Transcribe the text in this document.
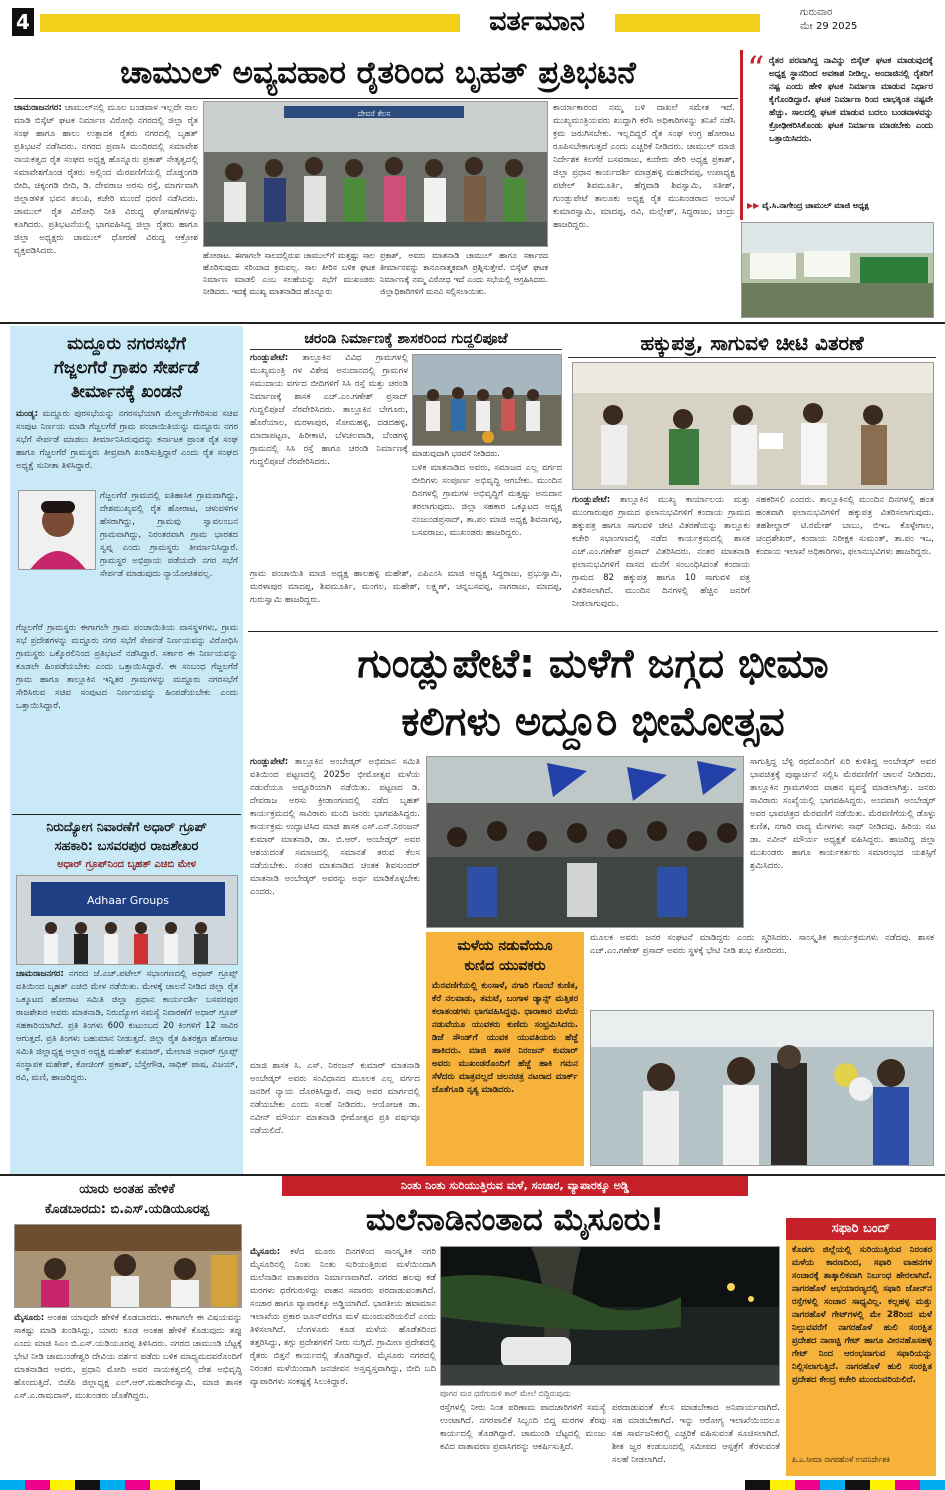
4	ವರ್ತಮಾನ	ಗುರುವಾರ
ಮೇ 29 2025
ಚಾಮುಲ್ ಅವ್ಯವಹಾರ ರೈತರಿಂದ ಬೃಹತ್ ಪ್ರತಿಭಟನೆ
ಚಾಮರಾಜನಗರ: ಚಾಮುಲ್‌ನಲ್ಲಿ ಮೂಲ ಬಂಡವಾಳ ಇಲ್ಲದೇ ನಾಲ ಮಾಡಿ ಬಿಸ್ಕೆಟ್ ಘಟಕ ನಿರ್ಮಾಣ ವಿರೋಧಿ ನಗರದಲ್ಲಿ ಜಿಲ್ಲಾ ರೈತ ಸಂಘ ಹಾಗೂ ಹಾಲು ಉತ್ಪಾದಕ ರೈತರು ನಗರದಲ್ಲಿ ಬೃಹತ್ ಪ್ರತಿಭಟನೆ ನಡೆಸಿದರು. ನಗರದ ಪ್ರವಾಸಿ ಮಂದಿರದಲ್ಲಿ ಸಮಾವೇಶ ನಾಯಕತ್ವದ ರೈತ ಸಂಘದ ಅಧ್ಯಕ್ಷ ಹೊನ್ನೂರು ಪ್ರಕಾಶ್ ನೇತೃತ್ವದಲ್ಲಿ ಸಮಾವೇಶಗೊಂಡ ರೈತರು ಅಲ್ಲಿಂದ ಮೆರವಣಿಗೆಯಲ್ಲಿ ದೊಡ್ಡಂಗಡಿ ಬೀದಿ, ಚಿಕ್ಕಂಗಡಿ ಬೀದಿ, ಡಿ. ದೇವರಾಜ ಅರಸು ರಸ್ತೆ, ಮಾರ್ಗವಾಗಿ ಜಿಲ್ಲಾಡಳಿತ ಭವನ ತಲುಪಿ, ಕಚೇರಿ ಮುಂದೆ ಧರಣಿ ನಡೆಸಿದರು. ಚಾಮುಲ್ ರೈತ ವಿರೋಧಿ ನೀತಿ ವಿರುದ್ಧ ಘೋಷಣೆಗಳನ್ನು ಕೂಗಿದರು. ಪ್ರತಿಭಟನೆಯಲ್ಲಿ ಭಾಗವಹಿಸಿದ್ದ ಜಿಲ್ಲಾ ರೈತರು ಹಾಗೂ ಜಿಲ್ಲಾ ಅಧ್ಯಕ್ಷರು ಚಾಮುಲ್ ಧೋರಣೆ ವಿರುದ್ಧ ಆಕ್ರೋಶ ವ್ಯಕ್ತಪಡಿಸಿದರು.
ದೇವರೆ ಕೆಲಸ
ಹೋರಾಟ. ಈಗಾಗಲೇ ಸಾಲದಲ್ಲಿರುವ ಚಾಮುಲ್‌ಗೆ ಮತ್ತಷ್ಟು ಸಾಲ ಹೊರಿಸುವುದು ಸರಿಯಾದ ಕ್ರಮವಲ್ಲ. ಸಾಲ ತೀರಿಸ ಬಳಿಕ ಘಟಕ ನಿರ್ಮಾಣ ಮಾಡಲಿ ಎಂಬ ಸಲಹೆಯನ್ನು ಸಭೆಗೆ ಮುಖಂಡರು ನೀಡಿದರು. ಇದಕ್ಕೆ ಮುಖ್ಯ ಮಾತನಾಡಿದ ಹೊನ್ನೂರು
ಪ್ರಕಾಶ್, ಅವರು ಮಾತನಾಡಿ ಚಾಮುಲ್ ಹಾಗೂ ಸರ್ಕಾರದ ತೀರ್ಮಾನವನ್ನು ಕಾನೂನಾತ್ಮಕವಾಗಿ ಪ್ರಶ್ನಿಸುತ್ತೇವೆ. ಬಿಸ್ಕೆಟ್ ಘಟಕ ನಿರ್ಮಾಣಕ್ಕೆ ನಮ್ಮ ವಿರೋಧ ಇದೆ ಎಂದು ಸಭೆಯಲ್ಲಿ ಆಗ್ರಹಿಸಿದರು. ಜಿಲ್ಲಾಧಿಕಾರಿಗಳಿಗೆ ಮನವಿ ಸಲ್ಲಿಸಲಾಯಿತು.
ಕಾರ್ಯಾಕಾರಂದ ನಮ್ಮ ಬಳಿ ದಾಖಲೆ ಸಮೇತ ಇದೆ. ಮುಖ್ಯಮಂತ್ರಿಯವರು ಖುದ್ದಾಗಿ ಕರೆಸಿ ಅಧಿಕಾರಿಗಳನ್ನು ತನಿಖೆ ನಡೆಸಿ ಕ್ರಮ ಜರುಗಿಸಬೇಕು. ಇಲ್ಲದಿದ್ದರೆ ರೈತ ಸಂಘ ಉಗ್ರ ಹೋರಾಟ ರೂಪಿಸಬೇಕಾಗುತ್ತದೆ ಎಂದು ಎಚ್ಚರಿಕೆ ನೀಡಿದರು. ಚಾಮುಲ್ ಮಾಜಿ ನಿರ್ದೇಶಕ ಕಿಲಗೆರೆ ಬಸವರಾಜು, ಕುದೇರು ಡೇರಿ ಅಧ್ಯಕ್ಷ ಪ್ರಕಾಶ್, ಜಿಲ್ಲಾ ಪ್ರಧಾನ ಕಾರ್ಯದರ್ಶಿ ಮಾಡ್ರಹಳ್ಳಿ ಮಹದೇವಪ್ಪ, ಉಪಾಧ್ಯಕ್ಷ ಪಟೇಲ್ ಶಿವಮೂರ್ತಿ, ಹೆಗ್ಗವಾಡಿ ಶಿವಸ್ವಾಮಿ, ಸತೀಶ್, ಗುಂಡ್ಲುಪೇಟೆ ತಾಲೂಕು ಅಧ್ಯಕ್ಷ ರೈತ ಮುಖಂಡರಾದ ಅಂಬಳೆ ಕುಮಾರಸ್ವಾಮಿ, ಮಾದಪ್ಪ, ರವಿ, ಮಲ್ಲೇಶ್, ಸಿದ್ದರಾಜು, ಚಂದ್ರು ಹಾಜರಿದ್ದರು.
“ ರೈತರ ಪರವಾಗಿದ್ದ ನಾವಿನ್ನು ಬಿಸ್ಕೆಟ್ ಘಟಕ ಮಾಡುವುದಕ್ಕೆ ಅಧ್ಯಕ್ಷ ಸ್ಥಾನದಿಂದ ಅವಕಾಶ ನೀಡಿಲ್ಲ. ಅಂದಾಜಿನಲ್ಲಿ ರೈತರಿಗೆ ನಷ್ಟ ಎಂದು ಹೇಳಿ ಘಟಕ ನಿರ್ಮಾಣ ಮಾಡುವ ನಿರ್ಧಾರ ಕೈಗೊಂಡಿದ್ದಾರೆ. ಘಟಕ ನಿರ್ಮಾಣ ರಿಂದ ಲಾಭಕ್ಕಿಂತ ನಷ್ಟವೇ ಹೆಚ್ಚು. ಸಾಲದಲ್ಲಿ ಘಟಕ ಮಾಡುವ ಬದಲು ಬಂಡವಾಳವನ್ನು ಕ್ರೋಢೀಕರಿಸಿಕೊಂಡು ಘಟಕ ನಿರ್ಮಾಣ ಮಾಡಬೇಕು ಎಂದು ಒತ್ತಾಯಿಸಿದರು.
▶▶ ವೈ.ಸಿ.ನಾಗೇಂದ್ರ ಚಾಮುಲ್ ಮಾಜಿ ಅಧ್ಯಕ್ಷ
ಮದ್ದೂರು ನಗರಸಭೆಗೆ
ಗೆಜ್ಜಲಗೆರೆ ಗ್ರಾಪಂ ಸೇರ್ಪಡೆ
ತೀರ್ಮಾನಕ್ಕೆ ಖಂಡನೆ
ಮಂಡ್ಯ: ಮದ್ದೂರು ಪುರಸಭೆಯನ್ನು ನಗರಸಭೆಯಾಗಿ ಮೇಲ್ದರ್ಜೆಗೇರಿಸುವ ಸಚಿವ ಸಂಪುಟ ನಿರ್ಣಯ ಮಾಡಿ ಗೆಜ್ಜಲಗೆರೆ ಗ್ರಾಮ ಪಂಚಾಯಿತಿಯನ್ನು ಮದ್ದೂರು ನಗರ ಸಭೆಗೆ ಸೇರ್ಪಡೆ ಮಾಡಲು ತೀರ್ಮಾನಿಸಿರುವುದನ್ನು ಕರ್ನಾಟಕ ಪ್ರಾಂತ ರೈತ ಸಂಘ ಹಾಗೂ ಗೆಜ್ಜಲಗೆರೆ ಗ್ರಾಮಸ್ಥರು ತೀವ್ರವಾಗಿ ಖಂಡಿಸುತ್ತಿದ್ದಾರೆ ಎಂದು ರೈತ ಸಂಘದ ಅಧ್ಯಕ್ಷೆ ಸುನೀತಾ ತಿಳಿಸಿದ್ದಾರೆ.
ಗೆಜ್ಜಲಗೆರೆ ಗ್ರಾಮದಲ್ಲಿ ಐತಿಹಾಸಿಕ ಗ್ರಾಮವಾಗಿದ್ದು, ದೇಶಮುಖ್ಯವಲ್ಲಿ ರೈತ ಹೋರಾಟ, ಚಳುವಳಿಗಳ ಹೆಸರಾಗಿದ್ದು, ಗ್ರಾಮವು ಸ್ವಾವಲಂಬನ ಗ್ರಾಮವಾಗಿದ್ದು, ನಿರಂತರವಾಗಿ ಗ್ರಾಮ ಭಾರತದ ಸ್ವಪ್ನ ಎಂದು ಗ್ರಾಮಸ್ಥರು ತೀರ್ಮಾನಿಸಿದ್ದಾರೆ. ಗ್ರಾಮಸ್ಥರ ಅಭಿಪ್ರಾಯ ಪಡೆಯದೇ ನಗರ ಸಭೆಗೆ ಸೇರ್ಪಡೆ ಮಾಡುವುದು ನ್ಯಾಯೋಚಿತವಲ್ಲ.
ಗೆಜ್ಜಲಗೆರೆ ಗ್ರಾಮಸ್ಥರು ಈಗಾಗಲೇ ಗ್ರಾಮ ಪಂಚಾಯಿತಿಯ ವಾಸಸ್ಥಳಗಳು, ಗ್ರಾಮ ಸಭೆ ಪ್ರದೇಶಗಳನ್ನು ಮದ್ದೂರು ನಗರ ಸಭೆಗೆ ಸೇರ್ಪಡೆ ನಿರ್ಣಯವನ್ನು ವಿರೋಧಿಸಿ ಗ್ರಾಮಸ್ಥರು ಒಕ್ಕೊರಲಿನಿಂದ ಪ್ರತಿಭಟನೆ ನಡೆಸಿದ್ದಾರೆ. ಸರ್ಕಾರ ಈ ನಿರ್ಣಯವನ್ನು ಕೂಡಲೇ ಹಿಂಪಡೆಯಬೇಕು ಎಂದು ಒತ್ತಾಯಿಸಿದ್ದಾರೆ. ಈ ಸಂಬಂಧ ಗೆಜ್ಜಲಗೆರೆ ಗ್ರಾಮ ಹಾಗೂ ತಾಲ್ಲೂಕಿನ ಇನ್ನಿತರ ಗ್ರಾಮಗಳನ್ನು ಮದ್ದೂರು ನಗರಸಭೆಗೆ ಸೇರಿಸಿರುವ ಸಚಿವ ಸಂಪುಟದ ನಿರ್ಣಯವನ್ನು ಹಿಂಪಡೆಯಬೇಕು ಎಂದು ಒತ್ತಾಯಿಸಿದ್ದಾರೆ.
ನಿರುದ್ಯೋಗ ನಿವಾರಣೆಗೆ ಅಧಾರ್ ಗ್ರೂಪ್
ಸಹಕಾರಿ: ಬಸವರಪುರ ರಾಜಶೇಖರ
ಅಧಾರ್ ಗ್ರೂಪ್‌ನಿಂದ ಬೃಹತ್ ಎಚಿಬಿ ಮೇಳ
Adhaar Groups
ಚಾಮರಾಜನಗರ: ನಗರದ ಜೆ.ಎಚ್.ಪಟೇಲ್ ಸಭಾಂಗಣದಲ್ಲಿ ಅಧಾರ್ ಗ್ರೂಪ್ಸ್ ವತಿಯಿಂದ ಬೃಹತ್ ಎಚಿಬಿ ಮೇಳ ನಡೆಯಿತು. ಮೇಳಕ್ಕೆ ಚಾಲನೆ ನೀಡಿದ ಜಿಲ್ಲಾ ರೈತ ಒಕ್ಕೂಟದ ಹೋರಾಟ ಸಮಿತಿ ಜಿಲ್ಲಾ ಪ್ರಧಾನ ಕಾರ್ಯದರ್ಶಿ ಬಸವರಪುರ ರಾಜಶೇಖರ ಅವರು ಮಾತನಾಡಿ, ನಿರುದ್ಯೋಗ ಸಮಸ್ಯೆ ನಿವಾರಣೆಗೆ ಅಧಾರ್ ಗ್ರೂಪ್ ಸಹಕಾರಿಯಾಗಿದೆ. ಪ್ರತಿ ತಿಂಗಳು 600 ಕುಟುಂಬದ 20 ಕಿಂಗಳಿಗೆ 12 ಸಾವಿರ ಆಗುತ್ತದೆ. ಪ್ರತಿ ತಿಂಗಳು ಬಹುಮಾನ ನೀಡುತ್ತದೆ. ಜಿಲ್ಲಾ ರೈತ ಹಿತರಕ್ಷಣ ಹೋರಾಟ ಸಮಿತಿ ಜಿಲ್ಲಾಧ್ಯಕ್ಷ ಅಲ್ಲಾರ ಅಧ್ಯಕ್ಷ ಮಹೇಶ್ ಕುಮಾರ್, ಮೇಲಾಜಿ ಅಧಾರ್ ಗ್ರೂಪ್ಸ್ ಸಂಸ್ಥಾಪಕ ಮಹೇಶ್, ಕೋಚಿಂಗ್ ಪ್ರಕಾಶ್, ಬೆಸ್ತೇಗೌಡ, ಸಾಧಿಕ್ ಪಾಷ, ವಿಜಯ್, ರವಿ, ಮಣಿ, ಹಾಜರಿದ್ದರು.
ಚರಂಡಿ ನಿರ್ಮಾಣಕ್ಕೆ ಶಾಸಕರಿಂದ ಗುದ್ದಲಿಪೂಜೆ
ಗುಂಡ್ಲುಪೇಟೆ: ತಾಲ್ಲೂಕಿನ ವಿವಿಧ ಗ್ರಾಮಗಳಲ್ಲಿ ಮುಖ್ಯಮಂತ್ರಿ ಗಳ ವಿಶೇಷ ಅನುದಾನದಲ್ಲಿ ಗ್ರಾಮಗಳ ಸಮುದಾಯ ವರ್ಗದ ಬೀದಿಗಳಿಗೆ ಸಿಸಿ ರಸ್ತೆ ಮತ್ತು ಚರಂಡಿ ನಿರ್ಮಾಣಕ್ಕೆ ಶಾಸಕ ಎಚ್.ಎಂ.ಗಣೇಶ್ ಪ್ರಸಾದ್ ಗುದ್ದಲಿಪೂಜೆ ನೆರವೇರಿಸಿದರು. ತಾಲ್ಲೂಕಿನ ಬೇಗೂರು, ಹೊರೆಯಾಲ, ಮರಳಾಪುರ, ಸೋಮಹಳ್ಳಿ, ದಡದಹಳ್ಳಿ, ಮಾದಾಪಟ್ಟಣ, ಹಿರೀಕಾಟಿ, ಬೆಳಚಲವಾಡಿ, ಬೆಂಡಗಳ್ಳಿ ಗ್ರಾಮದಲ್ಲಿ ಸಿಸಿ ರಸ್ತೆ ಹಾಗೂ ಚರಂಡಿ ನಿರ್ಮಾಣಕ್ಕೆ ಗುದ್ದಲಿಪೂಜೆ ನೆರವೇರಿಸಿದರು.
ಮಾಡುವುದಾಗಿ ಭರವಸೆ ನೀಡಿದರು.
ಬಳಿಕ ಮಾತನಾಡಿದ ಅವರು, ಸಮಾಜದ ಎಲ್ಲ ವರ್ಗದ ಬೀದಿಗಳು ಸಂಪೂರ್ಣ ಅಭಿವೃದ್ಧಿ ಆಗಬೇಕು. ಮುಂದಿನ ದಿನಗಳಲ್ಲಿ ಗ್ರಾಮಗಳ ಅಭಿವೃದ್ಧಿಗೆ ಮತ್ತಷ್ಟು ಅನುದಾನ ತರಲಾಗುವುದು. ಜಿಲ್ಲಾ ಸಹಕಾರ ಒಕ್ಕೂಟದ ಅಧ್ಯಕ್ಷ ನಂಜುಂಡಪ್ರಸಾದ್, ತಾ.ಪಂ ಮಾಜಿ ಅಧ್ಯಕ್ಷ ಶಿವನಾಗಪ್ಪ, ಬಸವರಾಜು, ಮುಖಂಡರು ಹಾಜರಿದ್ದರು.
ಗ್ರಾಮ ಪಂಚಾಯಿತಿ ಮಾಜಿ ಅಧ್ಯಕ್ಷ ಹಾಲಹಳ್ಳಿ ಮಹೇಶ್, ಎಪಿಎಂಸಿ ಮಾಜಿ ಅಧ್ಯಕ್ಷ ಸಿದ್ದರಾಜು, ಪ್ರಭುಸ್ವಾಮಿ, ಮರಳಾಪುರ ಮಾದಪ್ಪ, ಶಿವಮೂರ್ತಿ, ಮಂಗಲ, ಮಹೇಶ್, ಲಕ್ಷ್ಮಣ್, ಚನ್ನಬಸವಪ್ಪ, ನಾಗರಾಜು, ಮಾದಪ್ಪ, ಗುರುಸ್ವಾಮಿ ಹಾಜರಿದ್ದರು.
ಹಕ್ಕುಪತ್ರ, ಸಾಗುವಳಿ ಚೀಟಿ ವಿತರಣೆ
ಗುಂಡ್ಲುಪೇಟೆ: ತಾಲ್ಲೂಕಿನ ಮುಖ್ಯ ಕಾರ್ಯಾಲಯ ಮತ್ತು ಮುಂಗಾರುಪುರ ಗ್ರಾಮದ ಫಲಾನುಭವಿಗಳಿಗೆ ಕಂದಾಯ ಗ್ರಾಮದ ಹಕ್ಕುಪತ್ರ ಹಾಗೂ ಸಾಗುವಳಿ ಚೀಟಿ ವಿತರಣೆಯನ್ನು ತಾಲ್ಲೂಕು ಕಚೇರಿ ಸಭಾಂಗಣದಲ್ಲಿ ನಡೆದ ಕಾರ್ಯಕ್ರಮದಲ್ಲಿ ಶಾಸಕ ಎಚ್.ಎಂ.ಗಣೇಶ್ ಪ್ರಸಾದ್ ವಿತರಿಸಿದರು. ನಂತರ ಮಾತನಾಡಿ ಫಲಾನುಭವಿಗಳಿಗೆ ವಾಸದ ಮನೆಗೆ ಸಂಬಂಧಿಸಿದಂತೆ ಕಂದಾಯ ಗ್ರಾಮದ 82 ಹಕ್ಕುಪತ್ರ ಹಾಗೂ 10 ಸಾಗುವಳಿ ಪತ್ರ ವಿತರಿಸಲಾಗಿದೆ. ಮುಂದಿನ ದಿನಗಳಲ್ಲಿ ಹೆಚ್ಚಿನ ಜನರಿಗೆ ನೀಡಲಾಗುವುದು.
ಸಹಕರಿಸಲಿ ಎಂದರು. ತಾಲ್ಲೂಕಿನಲ್ಲಿ ಮುಂದಿನ ದಿನಗಳಲ್ಲಿ ಹಂತ ಹಂತವಾಗಿ ಫಲಾನುಭವಿಗಳಿಗೆ ಹಕ್ಕುಪತ್ರ ವಿತರಿಸಲಾಗುವುದು. ತಹಶೀಲ್ದಾರ್ ಟಿ.ರಮೇಶ್ ಬಾಬು, ಬಿಇಒ ಕೊಳ್ಳೇಗಾಲ, ಚಂದ್ರಶೇಖರ್, ಕಂದಾಯ ನಿರೀಕ್ಷಕ ಸುಮಂತ್, ತಾ.ಪಂ ಇಒ, ಕಂದಾಯ ಇಲಾಖೆ ಅಧಿಕಾರಿಗಳು, ಫಲಾನುಭವಿಗಳು ಹಾಜರಿದ್ದರು.
ಗುಂಡ್ಲುಪೇಟೆ: ಮಳೆಗೆ ಜಗ್ಗದ ಭೀಮಾ
ಕಲಿಗಳು ಅದ್ದೂರಿ ಭೀಮೋತ್ಸವ
ಗುಂಡ್ಲುಪೇಟೆ: ತಾಲ್ಲೂಕಿನ ಅಂಬೇಡ್ಕರ್ ಅಭಿಮಾನ ಸಮಿತಿ ವತಿಯಿಂದ ಪಟ್ಟಣದಲ್ಲಿ 2025ರ ಭೀಮೋತ್ಸವ ಮಳೆಯ ನಡುವೆಯೂ ಅದ್ದೂರಿಯಾಗಿ ನಡೆಯಿತು. ಪಟ್ಟಣದ ಡಿ. ದೇವರಾಜ ಅರಸು ಕ್ರೀಡಾಂಗಣದಲ್ಲಿ ನಡೆದ ಬೃಹತ್ ಕಾರ್ಯಕ್ರಮದಲ್ಲಿ ಸಾವಿರಾರು ಮಂದಿ ಜನರು ಭಾಗವಹಿಸಿದ್ದರು. ಕಾರ್ಯಕ್ರಮ ಉದ್ಘಾಟಿಸಿದ ಮಾಜಿ ಶಾಸಕ ಎಸ್.ಎನ್.ನಿರಂಜನ್ ಕುಮಾರ್ ಮಾತನಾಡಿ, ಡಾ. ಬಿ.ಆರ್. ಅಂಬೇಡ್ಕರ್ ಅವರ ಆಶಯದಂತೆ ಸಮಾಜದಲ್ಲಿ ಸಮಾನತೆ ತರುವ ಕೆಲಸ ನಡೆಯಬೇಕು. ನಂತರ ಮಾತನಾಡಿದ ಚಿಂತಕ ಶಿವಸುಂದರ್ ಮಾತನಾಡಿ ಅಂಬೇಡ್ಕರ್ ಅವರನ್ನು ಅರ್ಥ ಮಾಡಿಕೊಳ್ಳಬೇಕು ಎಂದರು.
ಮಾಜಿ ಶಾಸಕ ಸಿ. ಎಸ್. ನಿರಂಜನ್ ಕುಮಾರ್ ಮಾತನಾಡಿ ಅಂಬೇಡ್ಕರ್ ಅವರು ಸಂವಿಧಾನದ ಮೂಲಕ ಎಲ್ಲ ವರ್ಗದ ಜನರಿಗೆ ನ್ಯಾಯ ದೊರಕಿಸಿದ್ದಾರೆ. ನಾವು ಅವರ ಮಾರ್ಗದಲ್ಲಿ ನಡೆಯಬೇಕು ಎಂದು ಸಲಹೆ ನೀಡಿದರು. ಆಯೋಜಕ ಡಾ. ನವೀನ್ ಮೌರ್ಯ ಮಾತನಾಡಿ ಭೀಮೋತ್ಸವ ಪ್ರತಿ ವರ್ಷವೂ ನಡೆಯಲಿದೆ.
ಸಾಗುತ್ತಿದ್ದ ಬೆಳ್ಳಿ ರಥದೊಂದಿಗೆ ಏರಿ ಕುಳಿತಿದ್ದ ಅಂಬೇಡ್ಕರ್ ಅವರ ಭಾವಚಿತ್ರಕ್ಕೆ ಪುಷ್ಪಾರ್ಚನೆ ಸಲ್ಲಿಸಿ ಮೆರವಣಿಗೆಗೆ ಚಾಲನೆ ನೀಡಿದರು. ತಾಲ್ಲೂಕಿನ ಗ್ರಾಮಗಳಿಂದ ವಾಹನ ವ್ಯವಸ್ಥೆ ಮಾಡಲಾಗಿತ್ತು. ಜನರು ಸಾವಿರಾರು ಸಂಖ್ಯೆಯಲ್ಲಿ ಭಾಗವಹಿಸಿದ್ದರು. ಅಂದವಾಗಿ ಅಂಬೇಡ್ಕರ್ ಅವರ ಭಾವಚಿತ್ರದ ಮೆರವಣಿಗೆ ನಡೆಯಿತು. ಮೆರವಣಿಗೆಯಲ್ಲಿ ಡೊಳ್ಳು ಕುಣಿತ, ನಗಾರಿ ವಾದ್ಯ ಮೇಳಗಳು ಸಾಥ್ ನೀಡಿದವು. ಹಿರಿಯ ನಟ ಡಾ. ನವೀನ್ ಮೌರ್ಯ ಅಧ್ಯಕ್ಷತೆ ವಹಿಸಿದ್ದರು. ಹಾಜರಿದ್ದ ಜಿಲ್ಲಾ ಮುಖಂಡರು ಹಾಗೂ ಕಾರ್ಯಕರ್ತರು ಸಮಾರಂಭದ ಯಶಸ್ಸಿಗೆ ಶ್ರಮಿಸಿದರು.
ಮಳೆಯ ನಡುವೆಯೂ
ಕುಣಿದ ಯುವಕರು
ಮೆರವಣಿಗೆಯಲ್ಲಿ ಕುಂಸಾಳೆ, ನಗಾರಿ ಗೊಂಬೆ ಕುಣಿತ, ಕೆರೆ ನಲವಾಡು, ತಮಟೆ, ಬಂಗಾಳ ಡ್ಯಾನ್ಸ್ ಮತ್ತಿತರ ಕಲಾತಂಡಗಳು ಭಾಗವಹಿಸಿದ್ದವು. ಧಾರಾಕಾರ ಮಳೆಯ ನಡುವೆಯೂ ಯುವಕರು ಕುಣಿದು ಸಂಭ್ರಮಿಸಿದರು. ಡಿಜೆ ಸೌಂಡ್‌ಗೆ ಯುವಕ ಯುವತಿಯರು ಹೆಜ್ಜೆ ಹಾಕಿದರು. ಮಾಜಿ ಶಾಸಕ ನಿರಂಜನ್ ಕುಮಾರ್ ಅವರು ಮುಖಂಡರೊಂದಿಗೆ ಹೆಜ್ಜೆ ಹಾಕಿ ಗಮನ ಸೆಳೆದರು ಮಾತ್ರವಲ್ಲದೆ ಚಲನಚಿತ್ರ ನಟರಾದ ಮಾರ್ಕ್ ಜೊತೆಗೂಡಿ ನೃತ್ಯ ಮಾಡಿದರು.
ಮೂಲಕ ಅವರು ಜನರ ಸಂಘಟನೆ ಮಾಡಿದ್ದರು ಎಂದು ಸ್ಮರಿಸಿದರು. ಸಾಂಸ್ಕೃತಿಕ ಕಾರ್ಯಕ್ರಮಗಳು ನಡೆದವು. ಶಾಸಕ ಎಚ್.ಎಂ.ಗಣೇಶ್ ಪ್ರಸಾದ್ ಅವರು ಸ್ಥಳಕ್ಕೆ ಭೇಟಿ ನೀಡಿ ಶುಭ ಕೋರಿದರು.
ಯಾರು ಅಂತಹ ಹೇಳಿಕೆ
ಕೊಡಬಾರದು: ಬಿ.ಎಸ್.ಯಡಿಯೂರಪ್ಪ
ಮೈಸೂರು: ಅಂತಹ ಯಾವುದೇ ಹೇಳಿಕೆ ಕೊಡಬಾರದು. ಈಗಾಗಲೇ ಈ ವಿಷಯವನ್ನು ಸಾಕಷ್ಟು ಮಾಡಿ ಖಂಡಿಸಿದ್ದು, ಯಾರು ಕೂಡ ಅಂತಹ ಹೇಳಿಕೆ ಕೊಡುವುದು ತಪ್ಪು ಎಂದು ಮಾಜಿ ಸಿಎಂ ಬಿ.ಎಸ್.ಯಡಿಯೂರಪ್ಪ ತಿಳಿಸಿದರು. ನಗರದ ಚಾಮುಂಡಿ ಬೆಟ್ಟಕ್ಕೆ ಭೇಟಿ ನೀಡಿ ಚಾಮುಂಡೇಶ್ವರಿ ದೇವಿಯ ದರ್ಶನ ಪಡೆದು ಬಳಿಕ ಮಾಧ್ಯಮದವರೊಂದಿಗೆ ಮಾತನಾಡಿದ ಅವರು, ಪ್ರಧಾನಿ ಮೋದಿ ಅವರ ನಾಯಕತ್ವದಲ್ಲಿ ದೇಶ ಅಭಿವೃದ್ಧಿ ಹೊಂದುತ್ತಿದೆ. ಬಿಜೆಪಿ ಜಿಲ್ಲಾಧ್ಯಕ್ಷ ಎಲ್.ಆರ್.ಮಹದೇವಸ್ವಾಮಿ, ಮಾಜಿ ಶಾಸಕ ಎಸ್.ಎ.ರಾಮದಾಸ್, ಮುಖಂಡರು ಜೊತೆಗಿದ್ದರು.
ನಿಂತು ನಿಂತು ಸುರಿಯುತ್ತಿರುವ ಮಳೆ, ಸಂಚಾರ, ವ್ಯಾಪಾರಕ್ಕೂ ಅಡ್ಡಿ
ಮಲೆನಾಡಿನಂತಾದ ಮೈಸೂರು!
ಮೈಸೂರು: ಕಳೆದ ಮೂರು ದಿನಗಳಿಂದ ಸಾಂಸ್ಕೃತಿಕ ನಗರಿ ಮೈಸೂರಿನಲ್ಲಿ ನಿಂತು ನಿಂತು ಸುರಿಯುತ್ತಿರುವ ಮಳೆಯಿಂದಾಗಿ ಮಲೆನಾಡಿನ ವಾತಾವರಣ ನಿರ್ಮಾಣವಾಗಿದೆ. ನಗರದ ಹಲವು ಕಡೆ ಮರಗಳು ಧರೆಗುರುಳಿದ್ದು ವಾಹನ ಸವಾರರು ಪರದಾಡುವಂತಾಗಿದೆ. ಸಂಚಾರ ಹಾಗೂ ವ್ಯಾಪಾರಕ್ಕೂ ಅಡ್ಡಿಯಾಗಿದೆ. ಭಾರತೀಯ ಹವಾಮಾನ ಇಲಾಖೆಯ ಪ್ರಕಾರ ಜೂನ್‌ವರೆಗೂ ಮಳೆ ಮುಂದುವರಿಯಲಿದೆ ಎಂದು ತಿಳಿಸಲಾಗಿದೆ. ಬೆಂಗಳೂರು ಕೂಡ ಮಳೆಯ ಹೊಡೆತದಿಂದ ತತ್ತರಿಸಿದ್ದು, ತಗ್ಗು ಪ್ರದೇಶಗಳಿಗೆ ನೀರು ನುಗ್ಗಿದೆ. ಗ್ರಾಮೀಣ ಪ್ರದೇಶದಲ್ಲಿ ರೈತರು ಬಿತ್ತನೆ ಕಾರ್ಯದಲ್ಲಿ ತೊಡಗಿದ್ದಾರೆ. ಮೈಸೂರು ನಗರದಲ್ಲಿ ನಿರಂತರ ಮಳೆಯಿಂದಾಗಿ ಜನಜೀವನ ಅಸ್ತವ್ಯಸ್ತವಾಗಿದ್ದು, ಬೀದಿ ಬದಿ ವ್ಯಾಪಾರಿಗಳು ಸಂಕಷ್ಟಕ್ಕೆ ಸಿಲುಕಿದ್ದಾರೆ.
ಪೂಗರ ಮರ ಧರೆಗುರುಳಿ ಕಾರ್ ಮೇಲೆ ಬಿದ್ದಿರುವುದು
ರಸ್ತೆಗಳಲ್ಲಿ ನೀರು ನಿಂತ ಪರಿಣಾಮ ಪಾದಚಾರಿಗಳಿಗೆ ಸಮಸ್ಯೆ ಉಂಟಾಗಿದೆ. ನಗರಪಾಲಿಕೆ ಸಿಬ್ಬಂದಿ ಬಿದ್ದ ಮರಗಳ ತೆರವು ಕಾರ್ಯದಲ್ಲಿ ತೊಡಗಿದ್ದಾರೆ. ಚಾಮುಂಡಿ ಬೆಟ್ಟದಲ್ಲಿ ಮಂಜು ಕವಿದ ವಾತಾವರಣ ಪ್ರವಾಸಿಗರನ್ನು ಆಕರ್ಷಿಸುತ್ತಿದೆ.
ಪರದಾಡುವಂತೆ ಕೆಲಸ ಮಾಡಬೇಕಾದ ಅನಿವಾರ್ಯವಾಗಿದೆ. ಸಹ ಮಾಡಬೇಕಾಗಿದೆ. ಇನ್ನು ಆರೋಗ್ಯ ಇಲಾಖೆಯಿಂದಲೂ ಸಹ ಸಾರ್ವಜನಿಕರಲ್ಲಿ ಎಚ್ಚರಿಕೆ ವಹಿಸುವಂತೆ ಸೂಚಿಸಲಾಗಿದೆ. ಶೀತ ಜ್ವರ ಕಂಡುಬಂದಲ್ಲಿ ಸಮೀಪದ ಆಸ್ಪತ್ರೆಗೆ ತೆರಳುವಂತೆ ಸಲಹೆ ನೀಡಲಾಗಿದೆ.
ಸಫಾರಿ ಬಂದ್
ಕೊಡಗು ಜಿಲ್ಲೆಯಲ್ಲಿ ಸುರಿಯುತ್ತಿರುವ ನಿರಂತರ ಮಳೆಯ ಕಾರಣದಿಂದ, ಸಫಾರಿ ವಾಹನಗಳ ಸಂಚಾರಕ್ಕೆ ತಾತ್ಕಾಲಿಕವಾಗಿ ನಿರ್ಬಂಧ ಹೇರಲಾಗಿದೆ. ನಾಗರಹೊಳೆ ಅಭಯಾರಣ್ಯದಲ್ಲಿ ಸಫಾರಿ ಜೋನ್‌ನ ರಸ್ತೆಗಳಲ್ಲಿ ಸಂಚಾರ ಸಾಧ್ಯವಿಲ್ಲ. ಕಲ್ಲಹಳ್ಳ ಮತ್ತು ನಾಗರಹೊಳೆ ಗೇಟ್‌ಗಳಲ್ಲಿ ಮೇ 28ರಿಂದ ಮಳೆ ನಿಲ್ಲುವವರೆಗೆ ನಾಗರಹೊಳೆ ಹುಲಿ ಸಂರಕ್ಷಿತ ಪ್ರದೇಶದ ನಾಣಚ್ಚಿ ಗೇಟ್ ಹಾಗೂ ವೀರನಹೊಸಹಳ್ಳಿ ಗೇಟ್ ನಿಂದ ಆರಂಭವಾಗುವ ಸಫಾರಿಯನ್ನು ನಿಲ್ಲಿಸಲಾಗುತ್ತಿದೆ. ನಾಗರಹೊಳೆ ಹುಲಿ ಸಂರಕ್ಷಿತ ಪ್ರದೇಶದ ಕೇಂದ್ರ ಕಚೇರಿ ಮುಂದುವರಿಯಲಿದೆ.
ಪಿ.ಎ.ಸೀಮಾ ನಾಗರಹೊಳೆ ಉಪನಿರ್ದೇಶಕಿ
